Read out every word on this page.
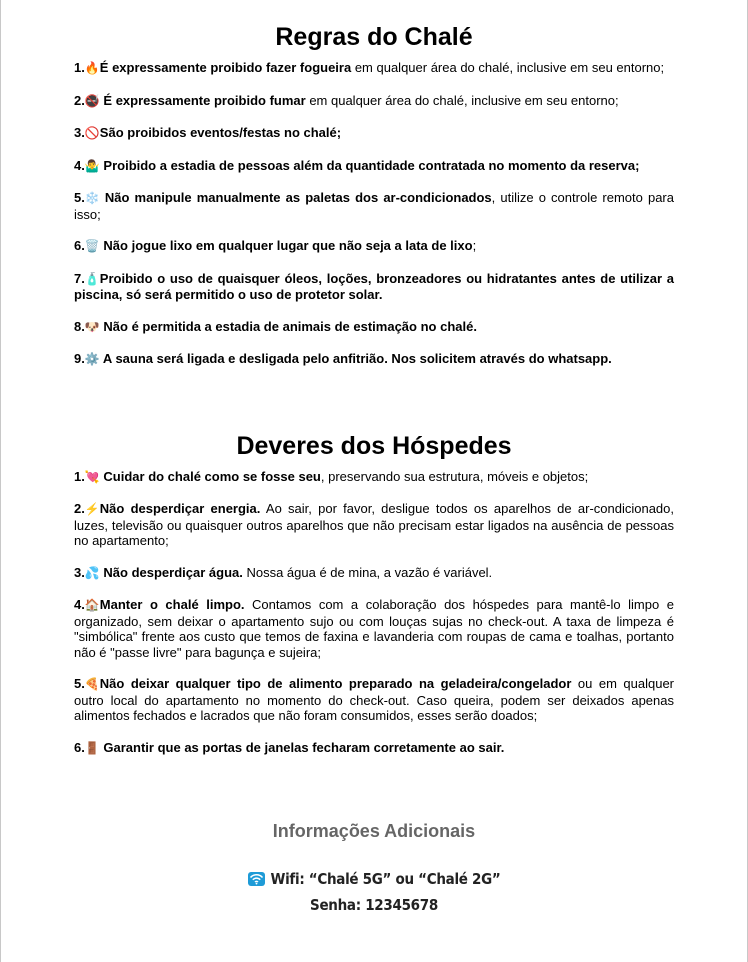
Regras do Chalé
1.🔥É expressamente proibido fazer fogueira em qualquer área do chalé, inclusive em seu entorno;
2.🚭 É expressamente proibido fumar em qualquer área do chalé, inclusive em seu entorno;
3.🚫São proibidos eventos/festas no chalé;
4.🤷‍♂️ Proibido a estadia de pessoas além da quantidade contratada no momento da reserva;
5.❄️ Não manipule manualmente as paletas dos ar-condicionados, utilize o controle remoto para isso;
6.🗑️ Não jogue lixo em qualquer lugar que não seja a lata de lixo;
7.🧴Proibido o uso de quaisquer óleos, loções, bronzeadores ou hidratantes antes de utilizar a piscina, só será permitido o uso de protetor solar.
8.🐶 Não é permitida a estadia de animais de estimação no chalé.
9.⚙️ A sauna será ligada e desligada pelo anfitrião. Nos solicitem através do whatsapp.
Deveres dos Hóspedes
1.💘 Cuidar do chalé como se fosse seu, preservando sua estrutura, móveis e objetos;
2.⚡Não desperdiçar energia. Ao sair, por favor, desligue todos os aparelhos de ar-condicionado, luzes, televisão ou quaisquer outros aparelhos que não precisam estar ligados na ausência de pessoas no apartamento;
3.💦 Não desperdiçar água. Nossa água é de mina, a vazão é variável.
4.🏠Manter o chalé limpo. Contamos com a colaboração dos hóspedes para mantê-lo limpo e organizado, sem deixar o apartamento sujo ou com louças sujas no check-out. A taxa de limpeza é "simbólica" frente aos custo que temos de faxina e lavanderia com roupas de cama e toalhas, portanto não é "passe livre" para bagunça e sujeira;
5.🍕Não deixar qualquer tipo de alimento preparado na geladeira/congelador ou em qualquer outro local do apartamento no momento do check-out. Caso queira, podem ser deixados apenas alimentos fechados e lacrados que não foram consumidos, esses serão doados;
6.🚪 Garantir que as portas de janelas fecharam corretamente ao sair.
Informações Adicionais
Wifi: “Chalé 5G” ou “Chalé 2G”
Senha: 12345678
